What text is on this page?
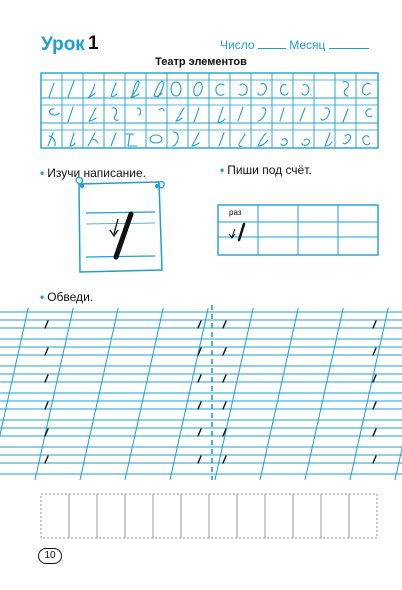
Урок 1	Число	Месяц
Театр элементов
• Изучи написание.	• Пиши под счёт.
• Обведи.
раз
10
